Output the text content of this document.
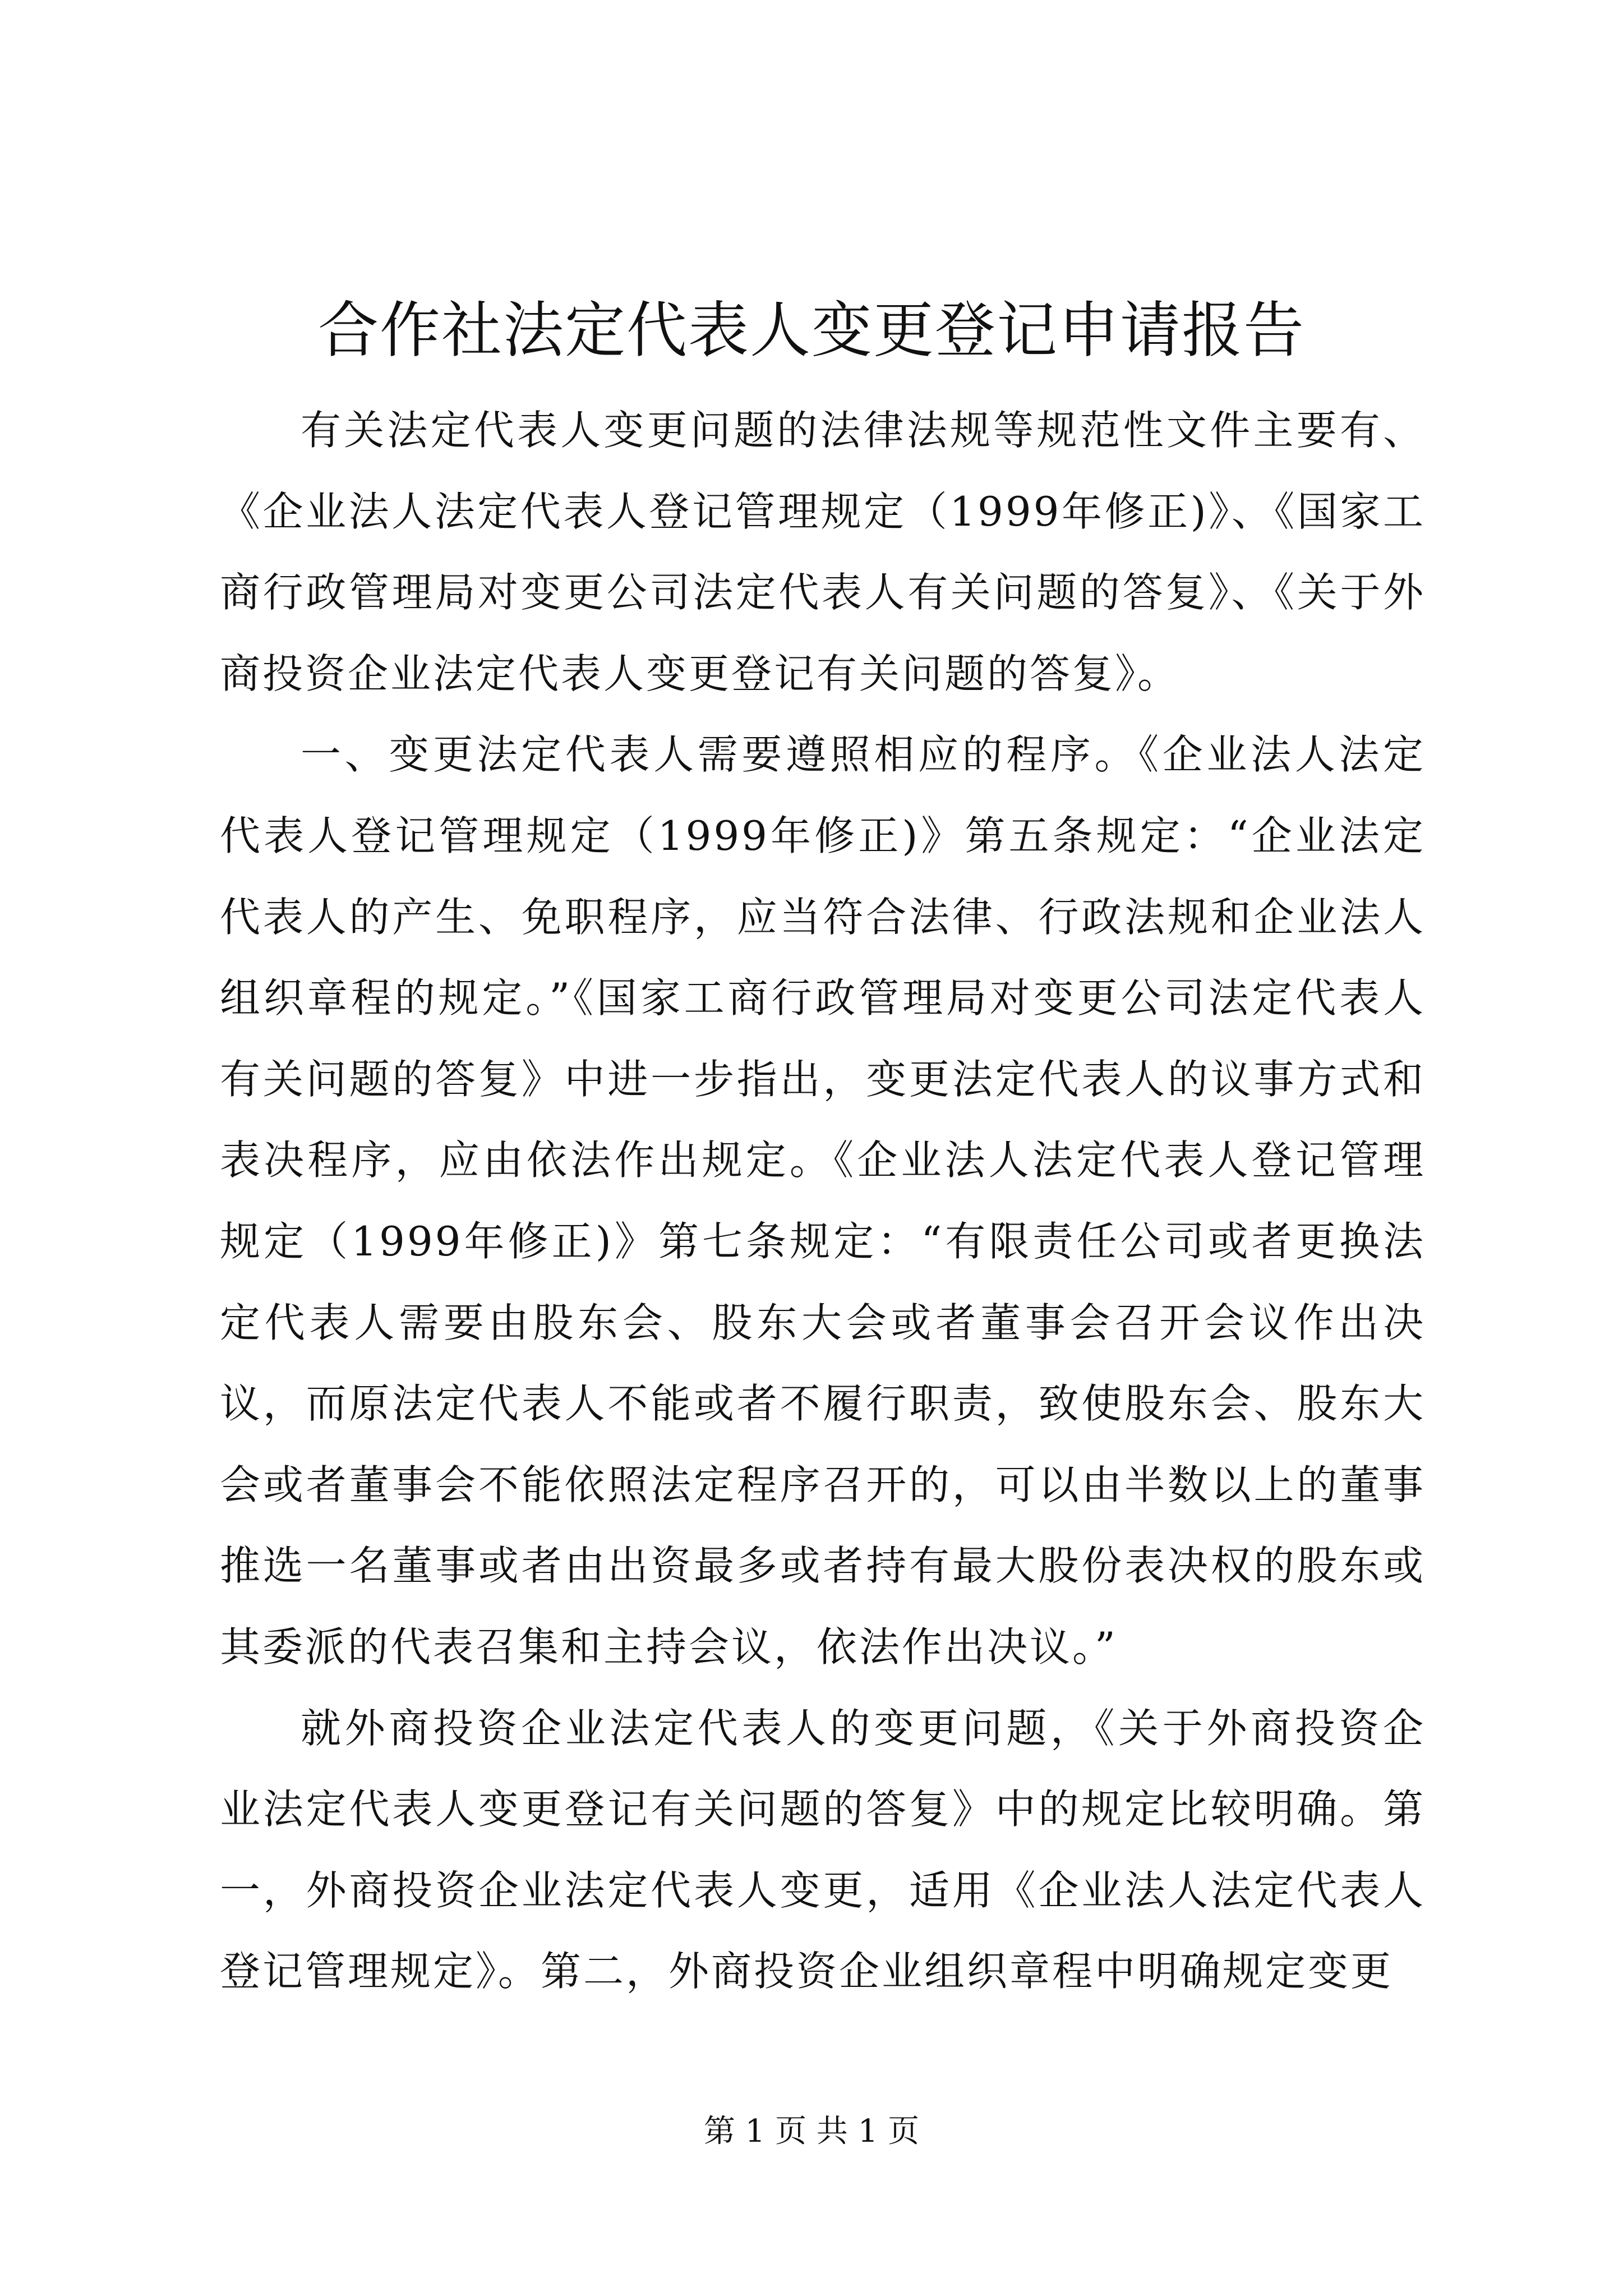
合作社法定代表人变更登记申请报告

有关法定代表人变更问题的法律法规等规范性文件主要有、《企业法人法定代表人登记管理规定（1999年修正)》、《国家工商行政管理局对变更公司法定代表人有关问题的答复》、《关于外商投资企业法定代表人变更登记有关问题的答复》。

一、变更法定代表人需要遵照相应的程序。《企业法人法定代表人登记管理规定（1999年修正)》第五条规定：“企业法定代表人的产生、免职程序，应当符合法律、行政法规和企业法人组织章程的规定。”《国家工商行政管理局对变更公司法定代表人有关问题的答复》中进一步指出，变更法定代表人的议事方式和表决程序，应由依法作出规定。《企业法人法定代表人登记管理规定（1999年修正)》第七条规定：“有限责任公司或者更换法定代表人需要由股东会、股东大会或者董事会召开会议作出决议，而原法定代表人不能或者不履行职责，致使股东会、股东大会或者董事会不能依照法定程序召开的，可以由半数以上的董事推选一名董事或者由出资最多或者持有最大股份表决权的股东或其委派的代表召集和主持会议，依法作出决议。”

就外商投资企业法定代表人的变更问题，《关于外商投资企业法定代表人变更登记有关问题的答复》中的规定比较明确。第一，外商投资企业法定代表人变更，适用《企业法人法定代表人登记管理规定》。第二，外商投资企业组织章程中明确规定变更

第 1 页 共 1 页
